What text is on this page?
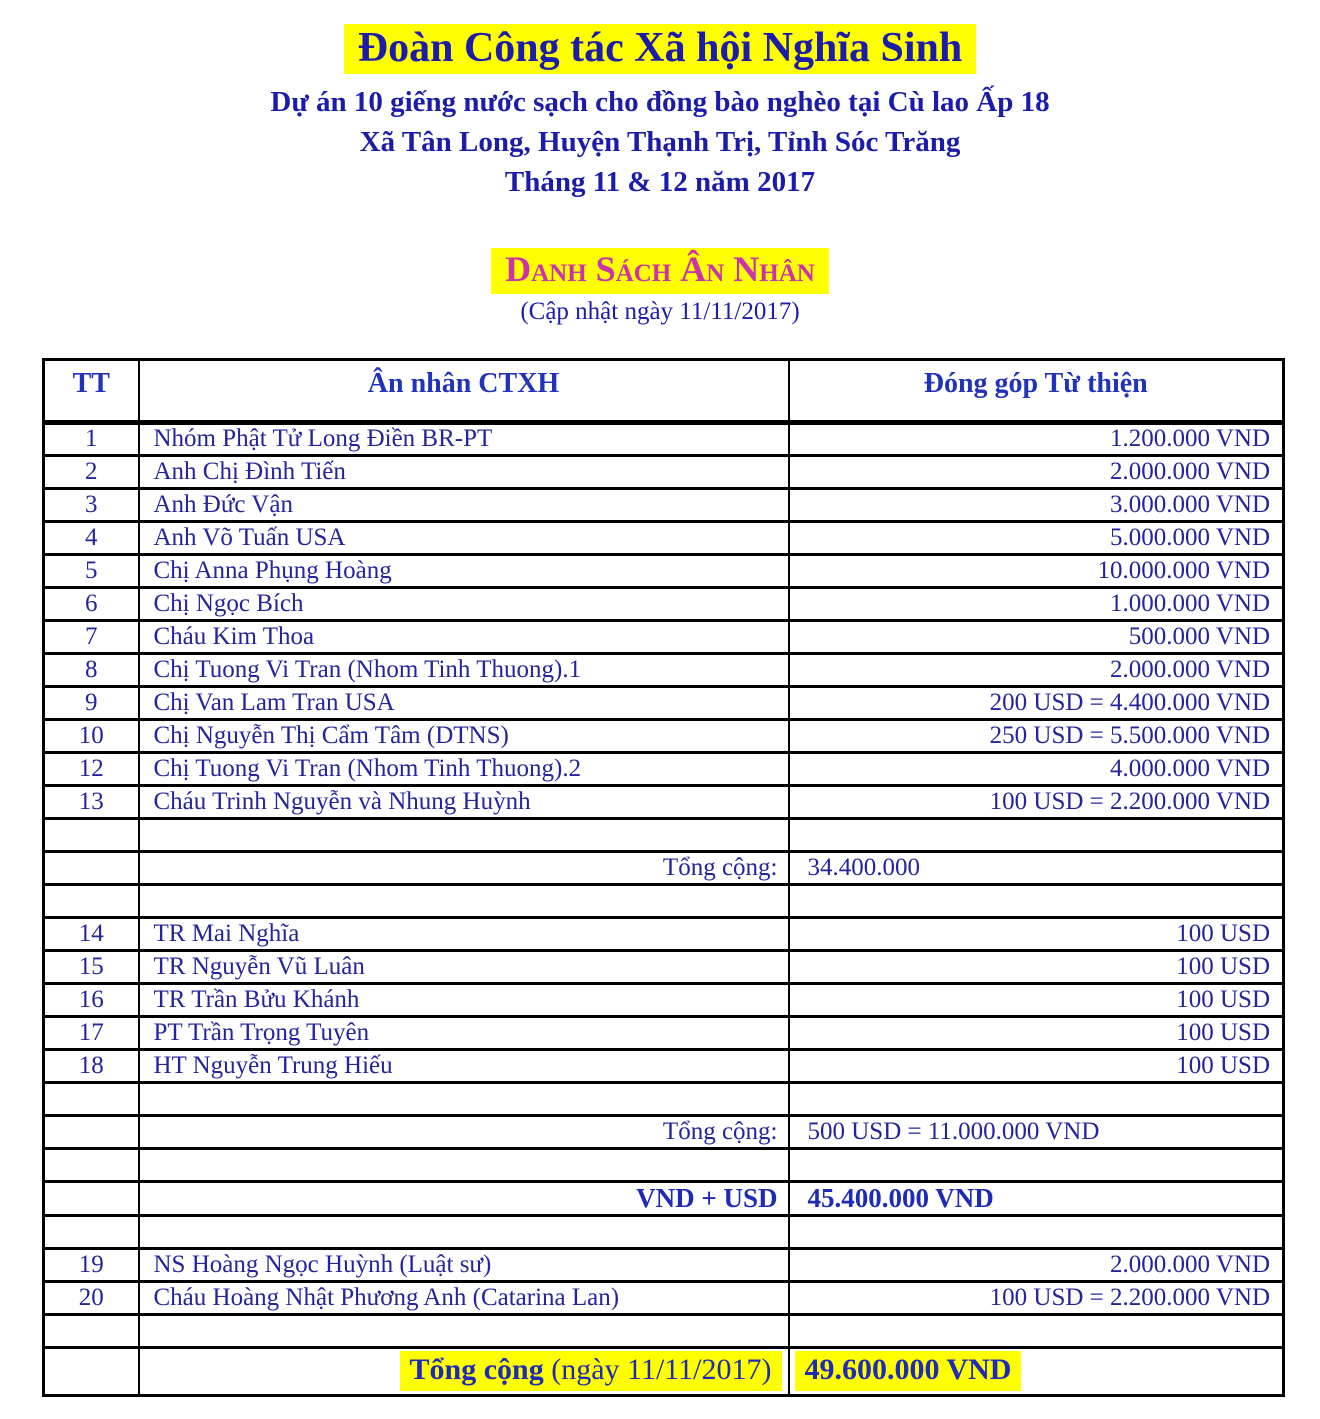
Đoàn Công tác Xã hội Nghĩa Sinh
Dự án 10 giếng nước sạch cho đồng bào nghèo tại Cù lao Ấp 18
Xã Tân Long, Huyện Thạnh Trị, Tỉnh Sóc Trăng
Tháng 11 & 12 năm 2017
Danh Sách Ân Nhân
(Cập nhật ngày 11/11/2017)
TT	Ân nhân CTXH	Đóng góp Từ thiện
1	Nhóm Phật Tử Long Điền BR-PT	1.200.000 VND
2	Anh Chị Đình Tiến	2.000.000 VND
3	Anh Đức Vận	3.000.000 VND
4	Anh Võ Tuấn USA	5.000.000 VND
5	Chị Anna Phụng Hoàng	10.000.000 VND
6	Chị Ngọc Bích	1.000.000 VND
7	Cháu Kim Thoa	500.000 VND
8	Chị Tuong Vi Tran (Nhom Tinh Thuong).1	2.000.000 VND
9	Chị Van Lam Tran USA	200 USD = 4.400.000 VND
10	Chị Nguyễn Thị Cẩm Tâm (DTNS)	250 USD = 5.500.000 VND
12	Chị Tuong Vi Tran (Nhom Tinh Thuong).2	4.000.000 VND
13	Cháu Trinh Nguyễn và Nhung Huỳnh	100 USD = 2.200.000 VND

	Tổng cộng:	34.400.000

14	TR Mai Nghĩa	100 USD
15	TR Nguyễn Vũ Luân	100 USD
16	TR Trần Bửu Khánh	100 USD
17	PT Trần Trọng Tuyên	100 USD
18	HT Nguyễn Trung Hiếu	100 USD

	Tổng cộng:	500 USD = 11.000.000 VND

	VND + USD	45.400.000 VND

19	NS Hoàng Ngọc Huỳnh (Luật sư)	2.000.000 VND
20	Cháu Hoàng Nhật Phương Anh (Catarina Lan)	100 USD = 2.200.000 VND

	Tổng cộng (ngày 11/11/2017)	49.600.000 VND
